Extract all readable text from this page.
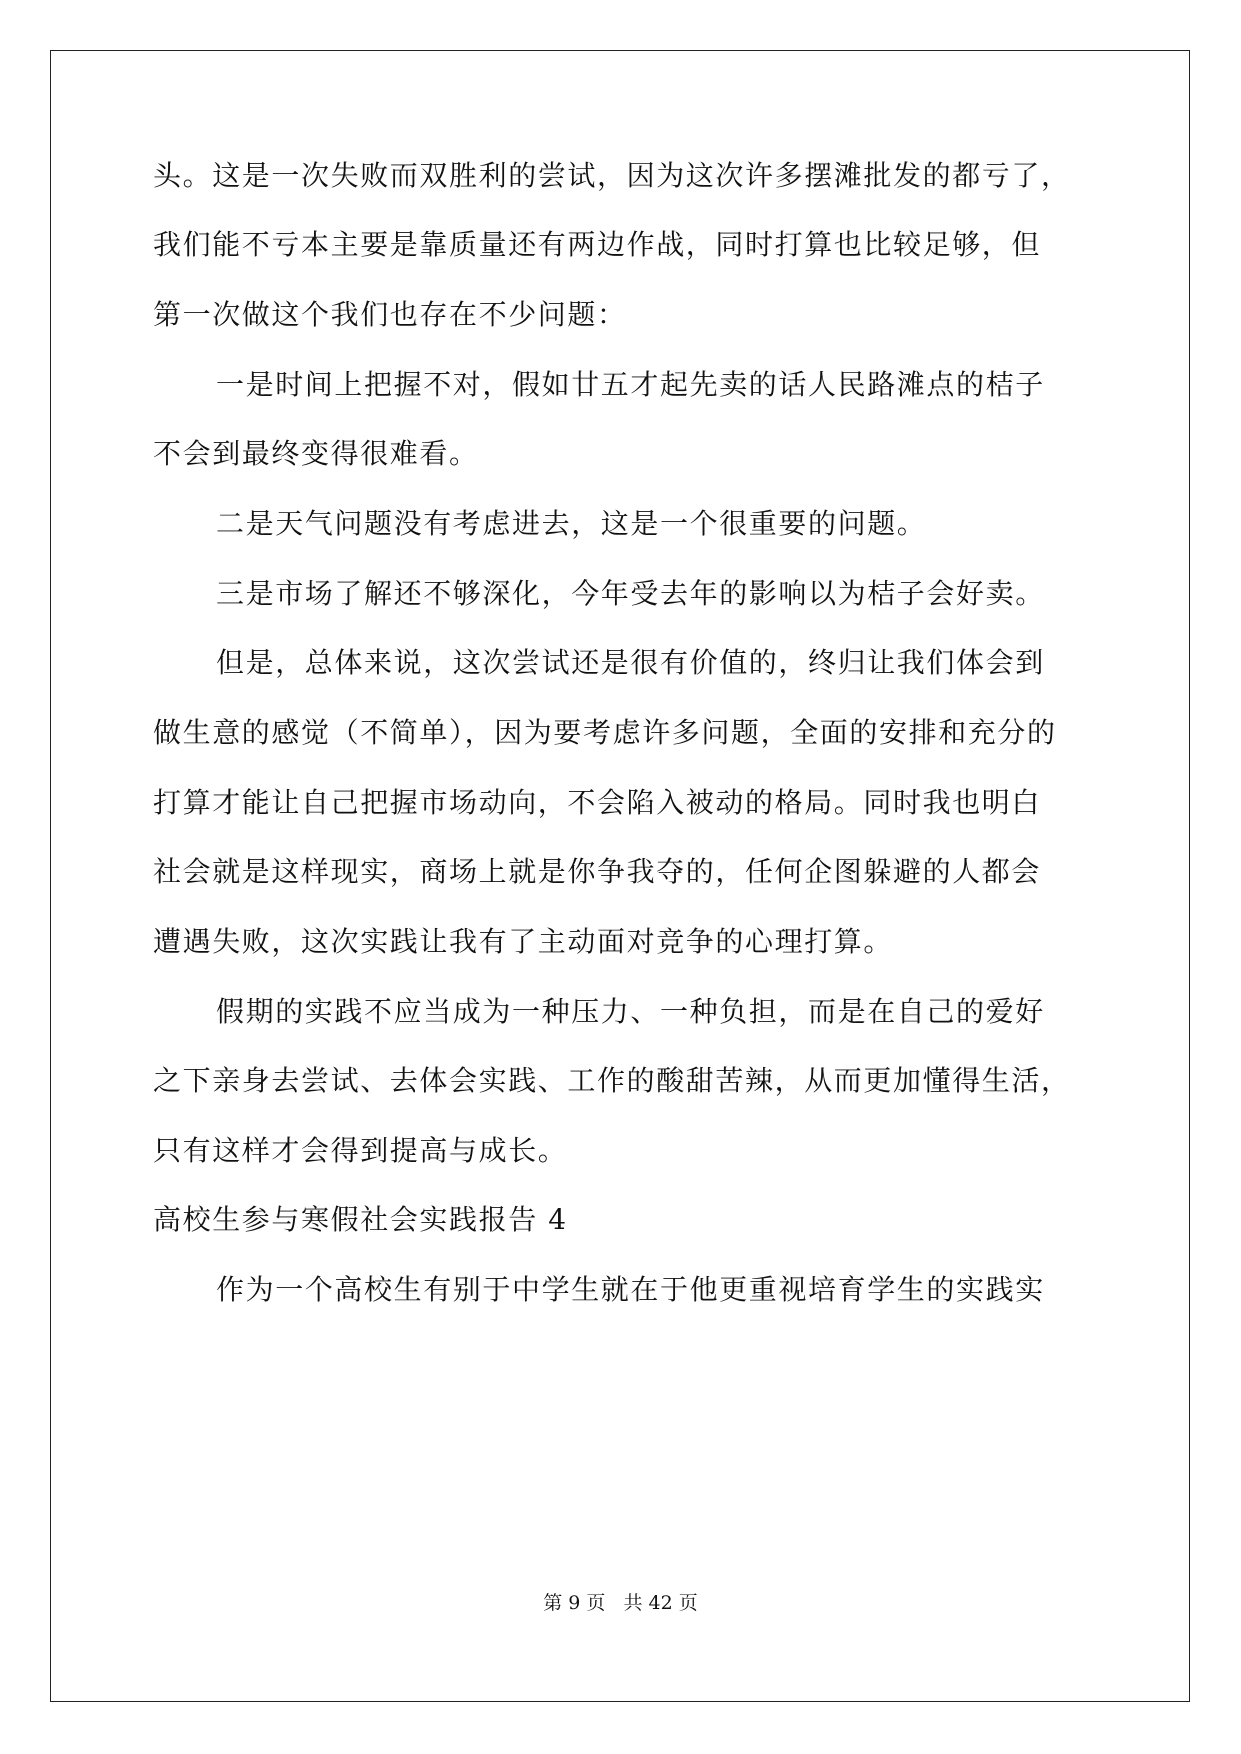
头。这是一次失败而双胜利的尝试，因为这次许多摆滩批发的都亏了，
我们能不亏本主要是靠质量还有两边作战，同时打算也比较足够，但
第一次做这个我们也存在不少问题：
一是时间上把握不对，假如廿五才起先卖的话人民路滩点的桔子
不会到最终变得很难看。
二是天气问题没有考虑进去，这是一个很重要的问题。
三是市场了解还不够深化，今年受去年的影响以为桔子会好卖。
但是，总体来说，这次尝试还是很有价值的，终归让我们体会到
做生意的感觉（不简单），因为要考虑许多问题，全面的安排和充分的
打算才能让自己把握市场动向，不会陷入被动的格局。同时我也明白
社会就是这样现实，商场上就是你争我夺的，任何企图躲避的人都会
遭遇失败，这次实践让我有了主动面对竞争的心理打算。
假期的实践不应当成为一种压力、一种负担，而是在自己的爱好
之下亲身去尝试、去体会实践、工作的酸甜苦辣，从而更加懂得生活，
只有这样才会得到提高与成长。
高校生参与寒假社会实践报告 4
作为一个高校生有别于中学生就在于他更重视培育学生的实践实
第 9 页   共 42 页
